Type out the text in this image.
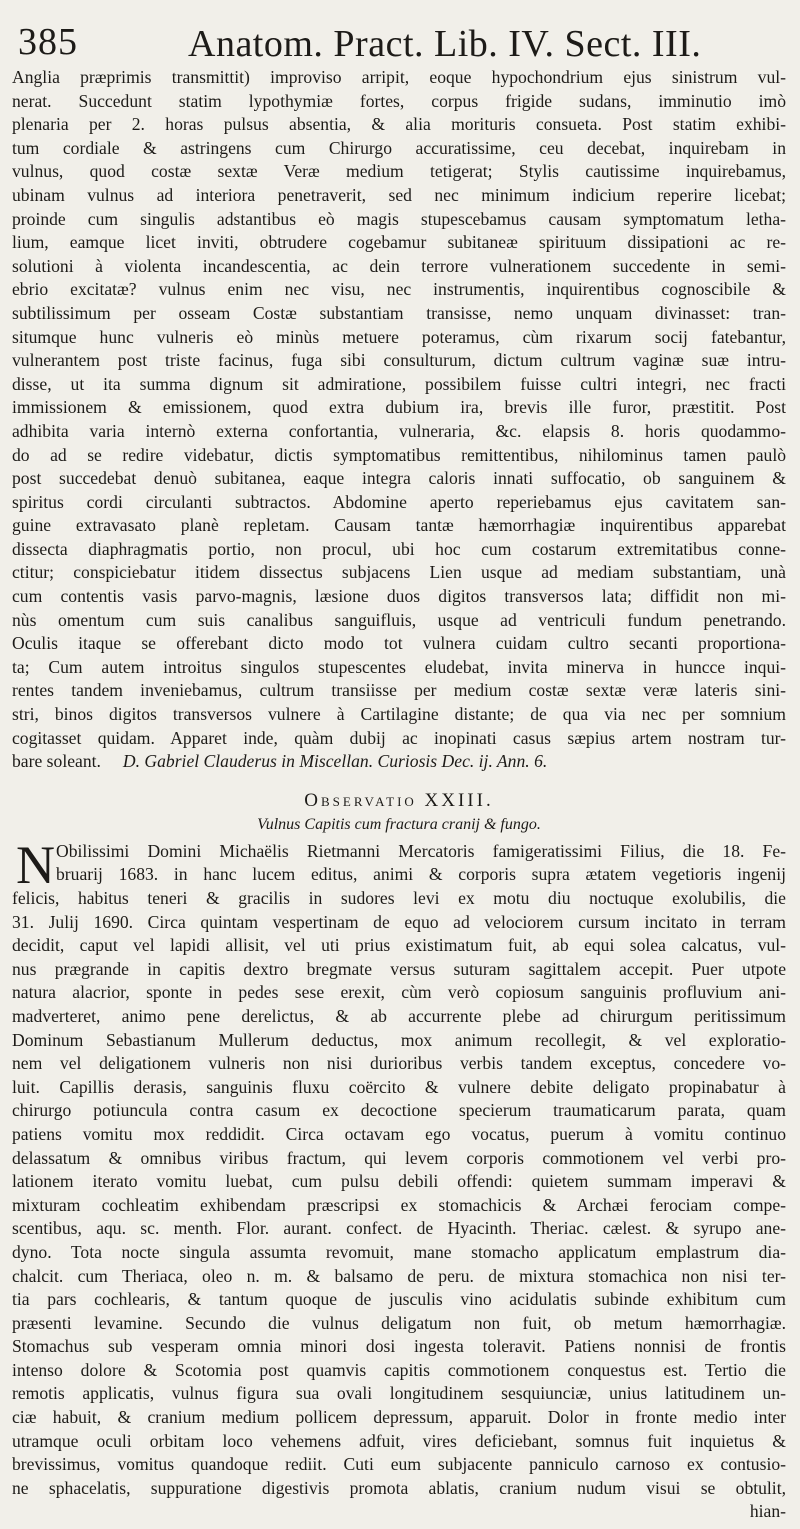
385	Anatom. Pract. Lib. IV. Sect. III.
Anglia præprimis transmittit) improviso arripit, eoque hypochondrium ejus sinistrum vul-
nerat. Succedunt statim lypothymiæ fortes, corpus frigide sudans, imminutio imò
plenaria per 2. horas pulsus absentia, & alia morituris consueta. Post statim exhibi-
tum cordiale & astringens cum Chirurgo accuratissime, ceu decebat, inquirebam in
vulnus, quod costæ sextæ Veræ medium tetigerat; Stylis cautissime inquirebamus,
ubinam vulnus ad interiora penetraverit, sed nec minimum indicium reperire licebat;
proinde cum singulis adstantibus eò magis stupescebamus causam symptomatum letha-
lium, eamque licet inviti, obtrudere cogebamur subitaneæ spirituum dissipationi ac re-
solutioni à violenta incandescentia, ac dein terrore vulnerationem succedente in semi-
ebrio excitatæ? vulnus enim nec visu, nec instrumentis, inquirentibus cognoscibile &
subtilissimum per osseam Costæ substantiam transisse, nemo unquam divinasset: tran-
situmque hunc vulneris eò minùs metuere poteramus, cùm rixarum socij fatebantur,
vulnerantem post triste facinus, fuga sibi consulturum, dictum cultrum vaginæ suæ intru-
disse, ut ita summa dignum sit admiratione, possibilem fuisse cultri integri, nec fracti
immissionem & emissionem, quod extra dubium ira, brevis ille furor, præstitit. Post
adhibita varia internò externa confortantia, vulneraria, &c. elapsis 8. horis quodammo-
do ad se redire videbatur, dictis symptomatibus remittentibus, nihilominus tamen paulò
post succedebat denuò subitanea, eaque integra caloris innati suffocatio, ob sanguinem &
spiritus cordi circulanti subtractos. Abdomine aperto reperiebamus ejus cavitatem san-
guine extravasato planè repletam. Causam tantæ hæmorrhagiæ inquirentibus apparebat
dissecta diaphragmatis portio, non procul, ubi hoc cum costarum extremitatibus conne-
ctitur; conspiciebatur itidem dissectus subjacens Lien usque ad mediam substantiam, unà
cum contentis vasis parvo-magnis, læsione duos digitos transversos lata; diffidit non mi-
nùs omentum cum suis canalibus sanguifluis, usque ad ventriculi fundum penetrando.
Oculis itaque se offerebant dicto modo tot vulnera cuidam cultro secanti proportiona-
ta; Cum autem introitus singulos stupescentes eludebat, invita minerva in huncce inqui-
rentes tandem inveniebamus, cultrum transiisse per medium costæ sextæ veræ lateris sini-
stri, binos digitos transversos vulnere à Cartilagine distante; de qua via nec per somnium
cogitasset quidam. Apparet inde, quàm dubij ac inopinati casus sæpius artem nostram tur-
bare soleant. D. Gabriel Clauderus in Miscellan. Curiosis Dec. ij. Ann. 6.
Observatio XXIII.
Vulnus Capitis cum fractura cranij & fungo.
N Obilissimi Domini Michaëlis Rietmanni Mercatoris famigeratissimi Filius, die 18. Fe-
bruarij 1683. in hanc lucem editus, animi & corporis supra ætatem vegetioris ingenij
felicis, habitus teneri & gracilis in sudores levi ex motu diu noctuque exolubilis, die
31. Julij 1690. Circa quintam vespertinam de equo ad velociorem cursum incitato in terram
decidit, caput vel lapidi allisit, vel uti prius existimatum fuit, ab equi solea calcatus, vul-
nus prægrande in capitis dextro bregmate versus suturam sagittalem accepit. Puer utpote
natura alacrior, sponte in pedes sese erexit, cùm verò copiosum sanguinis profluvium ani-
madverteret, animo pene derelictus, & ab accurrente plebe ad chirurgum peritissimum
Dominum Sebastianum Mullerum deductus, mox animum recollegit, & vel exploratio-
nem vel deligationem vulneris non nisi durioribus verbis tandem exceptus, concedere vo-
luit. Capillis derasis, sanguinis fluxu coërcito & vulnere debite deligato propinabatur à
chirurgo potiuncula contra casum ex decoctione specierum traumaticarum parata, quam
patiens vomitu mox reddidit. Circa octavam ego vocatus, puerum à vomitu continuo
delassatum & omnibus viribus fractum, qui levem corporis commotionem vel verbi pro-
lationem iterato vomitu luebat, cum pulsu debili offendi: quietem summam imperavi &
mixturam cochleatim exhibendam præscripsi ex stomachicis & Archæi ferociam compe-
scentibus, aqu. sc. menth. Flor. aurant. confect. de Hyacinth. Theriac. cælest. & syrupo ane-
dyno. Tota nocte singula assumta revomuit, mane stomacho applicatum emplastrum dia-
chalcit. cum Theriaca, oleo n. m. & balsamo de peru. de mixtura stomachica non nisi ter-
tia pars cochlearis, & tantum quoque de jusculis vino acidulatis subinde exhibitum cum
præsenti levamine. Secundo die vulnus deligatum non fuit, ob metum hæmorrhagiæ.
Stomachus sub vesperam omnia minori dosi ingesta toleravit. Patiens nonnisi de frontis
intenso dolore & Scotomia post quamvis capitis commotionem conquestus est. Tertio die
remotis applicatis, vulnus figura sua ovali longitudinem sesquiunciæ, unius latitudinem un-
ciæ habuit, & cranium medium pollicem depressum, apparuit. Dolor in fronte medio inter
utramque oculi orbitam loco vehemens adfuit, vires deficiebant, somnus fuit inquietus &
brevissimus, vomitus quandoque rediit. Cuti eum subjacente panniculo carnoso ex contusio-
ne sphacelatis, suppuratione digestivis promota ablatis, cranium nudum visui se obtulit,
hian-
